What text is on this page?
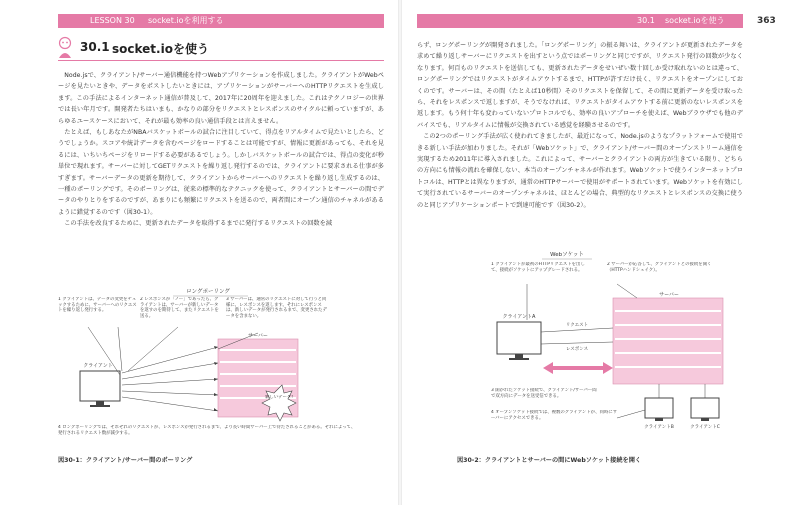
LESSON 30 socket.ioを利用する
30.1 socket.ioを使う

Node.jsで、クライアント/サーバー通信機能を持つWebアプリケーションを作成しました。クライアントがWebページを見たいときや、データをポストしたいときには、アプリケーションがサーバーへのHTTPリクエストを生成します。この手法によるインターネット通信が普及して、2017年に20周年を迎えました。これはテクノロジーの世界では長い年月です。開発者たちはいまも、かなりの部分をリクエストとレスポンスのサイクルに頼っていますが、あらゆるユースケースにおいて、それが最も効率の良い通信手段とは言えません。

たとえば、もしあなたがNBAバスケットボールの試合に注目していて、得点をリアルタイムで見たいとしたら、どうでしょうか。スコアや統計データを含むページをロードすることは可能ですが、情報に更新があっても、それを見るには、いちいちページをリロードする必要があるでしょう。しかしバスケットボールの試合では、得点の変化が秒単位で現れます。サーバーに対してGETリクエストを繰り返し発行するのでは、クライアントに要求される仕事が多すぎます。サーバーデータの更新を期待して、クライアントからサーバーへのリクエストを繰り返し生成するのは、一種のポーリングです。そのポーリングは、従来の標準的なテクニックを使って、クライアントとサーバーの間でデータのやりとりをするのですが、あまりにも頻繁にリクエストを送るので、両者間にオープン通信のチャネルがあるように錯覚するのです（図30-1）。

この手法を改良するために、更新されたデータを取得するまでに発行するリクエストの回数を減

ロングポーリング
1 クライアントは、データの変更をチェックするために、サーバーへのリクエストを繰り返し発行する。
2 レスポンスが「ノー」であったら、クライアントは、サーバーが新しいデータを返すのを期待して、またリクエストを送る。
3 サーバーは、通常のリクエストに対して行うと同様に、レスポンスを返します。それにレスポンスは、新しいデータが発行されるまで、変更されたデータを含まない。
サーバー
クライアント
新しいデータ!
4 ロングポーリングでは、それぞれのリクエストが、レスポンスが発行されるまで、より長い時間サーバー上で待たされることがある。それによって、発行されるリクエスト数が減少する。
図30-1：クライアント/サーバー間のポーリング
30.1 socket.ioを使う	363

らず、ロングポーリングが開発されました。「ロングポーリング」の振る舞いは、クライアントが更新されたデータを求めて繰り返しサーバーにリクエストを出すという点ではポーリングと同じですが、リクエスト発行の回数が少なくなります。何百ものリクエストを送信しても、更新されたデータをせいぜい数十回しか受け取れないのとは違って、ロングポーリングではリクエストがタイムアウトするまで、HTTPが許すだけ長く、リクエストをオープンにしておくのです。サーバーは、その間（たとえば10秒間）そのリクエストを保留して、その間に更新データを受け取ったら、それをレスポンスで返しますが、そうでなければ、リクエストがタイムアウトする前に更新のないレスポンスを返します。もう何十年も変わっていないプロトコルでも、効率の良いアプローチを使えば、Webブラウザでも他のデバイスでも、リアルタイムに情報が交換されている感覚を経験させるのです。

この2つのポーリング手法が広く使われてきましたが、最近になって、Node.jsのようなプラットフォームで使用できる新しい手法が加わりました。それが「Webソケット」で、クライアント/サーバー間のオープンストリーム通信を実現するため2011年に導入されました。これによって、サーバーとクライアントの両方が生きている限り、どちらの方向にも情報の流れを確保しない、本当のオープンチャネルが作れます。Webソケットで使うインターネットプロトコルは、HTTPとは異なりますが、通常のHTTPサーバーで使用がサポートされています。Webソケットを有効にして実行されているサーバーのオープンチャネルは、ほとんどの場合、典型的なリクエストとレスポンスの交換に使うのと同じアプリケーションポートで到達可能です（図30-2）。

Webソケット
1 クライアントが最初のHTTPリクエストを出して、接続がソケットにアップグレードされる。
2 サーバーが応答して、クライアントとの接続を開く（HTTPハンドシェイク）。
サーバー
クライアントA
リクエスト
レスポンス
3 開かれたソケット接続で、クライアント/サーバー間で双方向にデータを送受信できる。
クライアントB	クライアントC
4 オープンソケット接続では、複数のクライアントが、同時にサーバーにアクセスできる。
図30-2：クライアントとサーバーの間にWebソケット接続を開く
